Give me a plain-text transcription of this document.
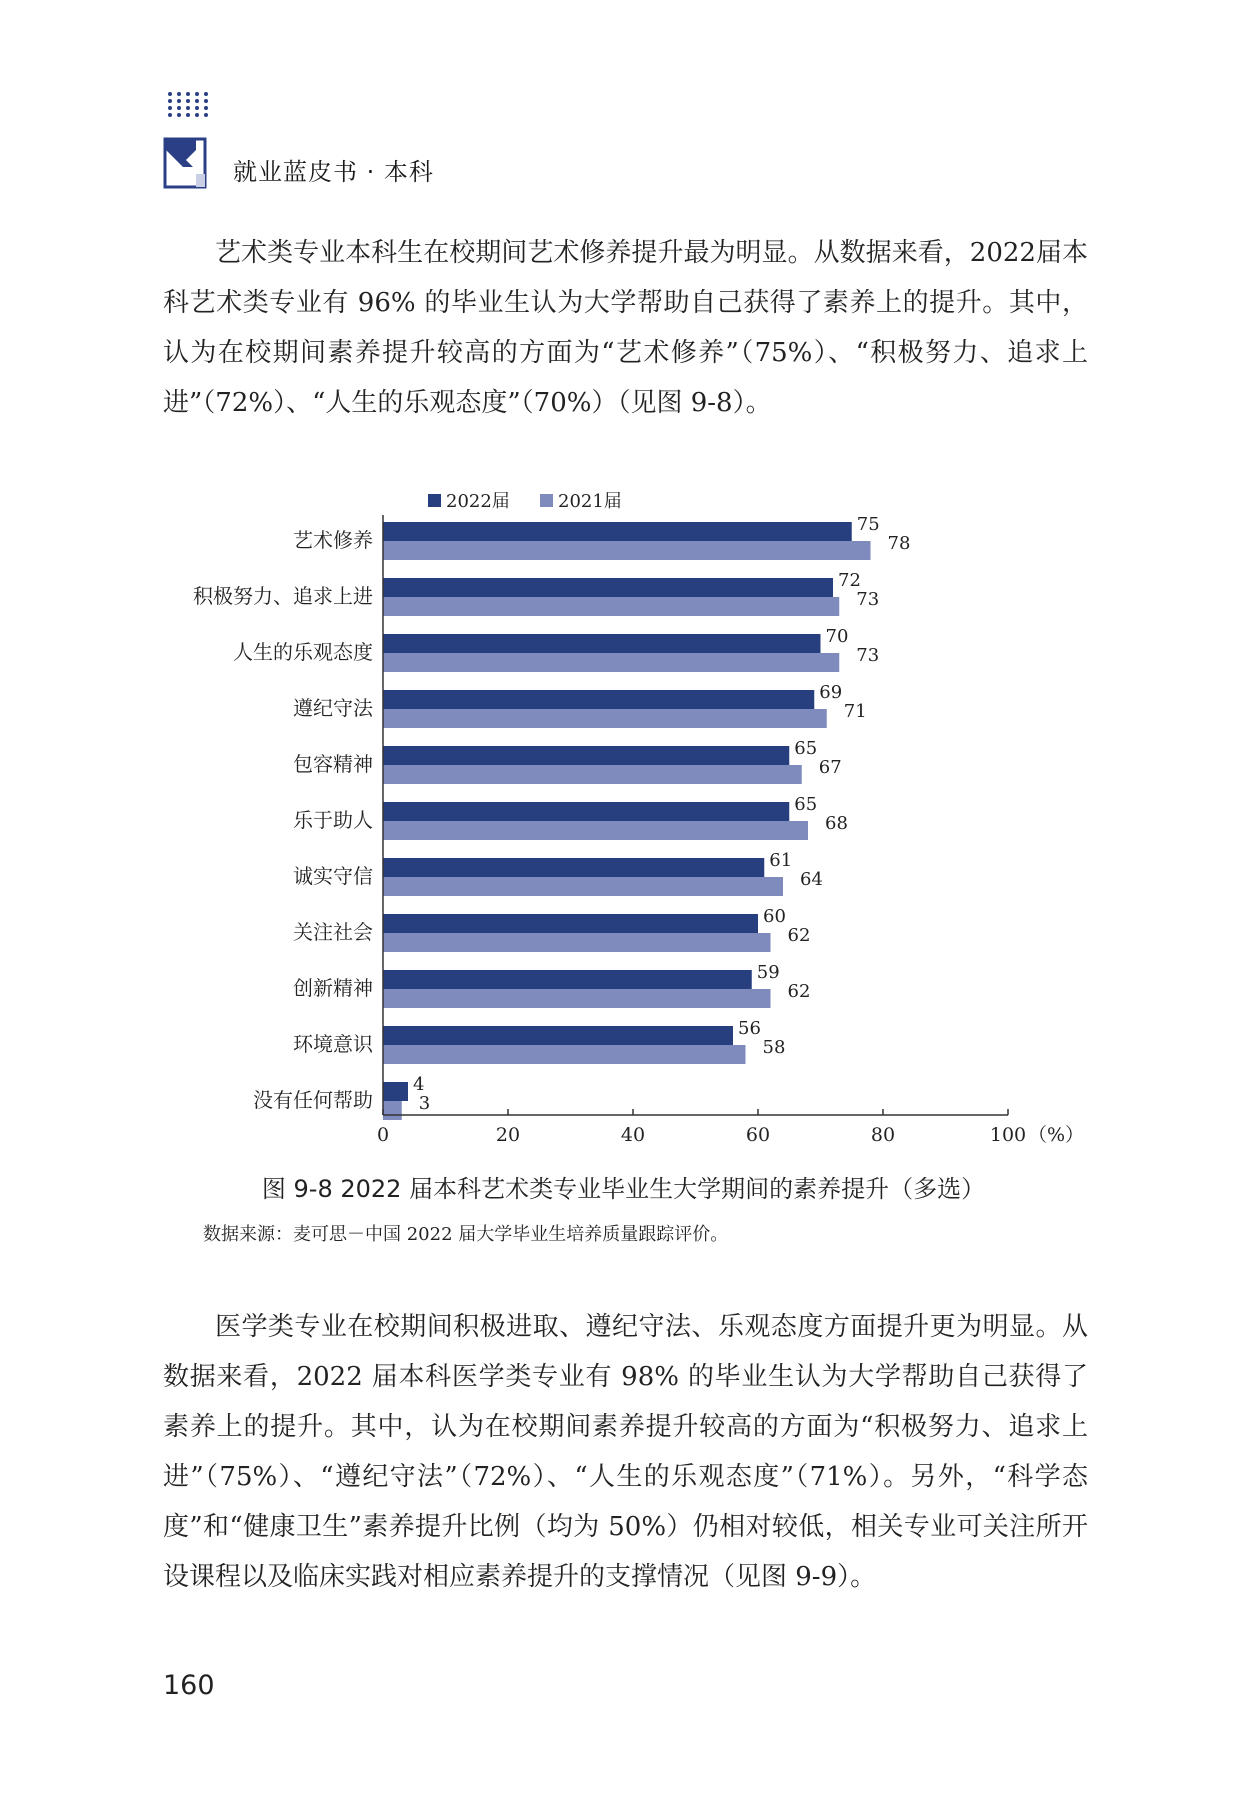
就业蓝皮书 · 本科

艺术类专业本科生在校期间艺术修养提升最为明显。从数据来看，2022届本科艺术类专业有 96% 的毕业生认为大学帮助自己获得了素养上的提升。其中，认为在校期间素养提升较高的方面为“艺术修养”（75%）、“积极努力、追求上进”（72%）、“人生的乐观态度”（70%）（见图 9-8）。

2022届	2021届
艺术修养
75
78
积极努力、追求上进
72
73
人生的乐观态度
70
73
遵纪守法
69
71
包容精神
65
67
乐于助人
65
68
诚实守信
61
64
关注社会
60
62
创新精神
59
62
环境意识
56
58
没有任何帮助
4
3
0	20	40	60	80	100 （%）
图 9-8 2022 届本科艺术类专业毕业生大学期间的素养提升（多选）
数据来源：麦可思－中国 2022 届大学毕业生培养质量跟踪评价。

医学类专业在校期间积极进取、遵纪守法、乐观态度方面提升更为明显。从数据来看，2022 届本科医学类专业有 98% 的毕业生认为大学帮助自己获得了素养上的提升。其中，认为在校期间素养提升较高的方面为“积极努力、追求上进”（75%）、“遵纪守法”（72%）、“人生的乐观态度”（71%）。另外，“科学态度”和“健康卫生”素养提升比例（均为 50%）仍相对较低，相关专业可关注所开设课程以及临床实践对相应素养提升的支撑情况（见图 9-9）。

160
